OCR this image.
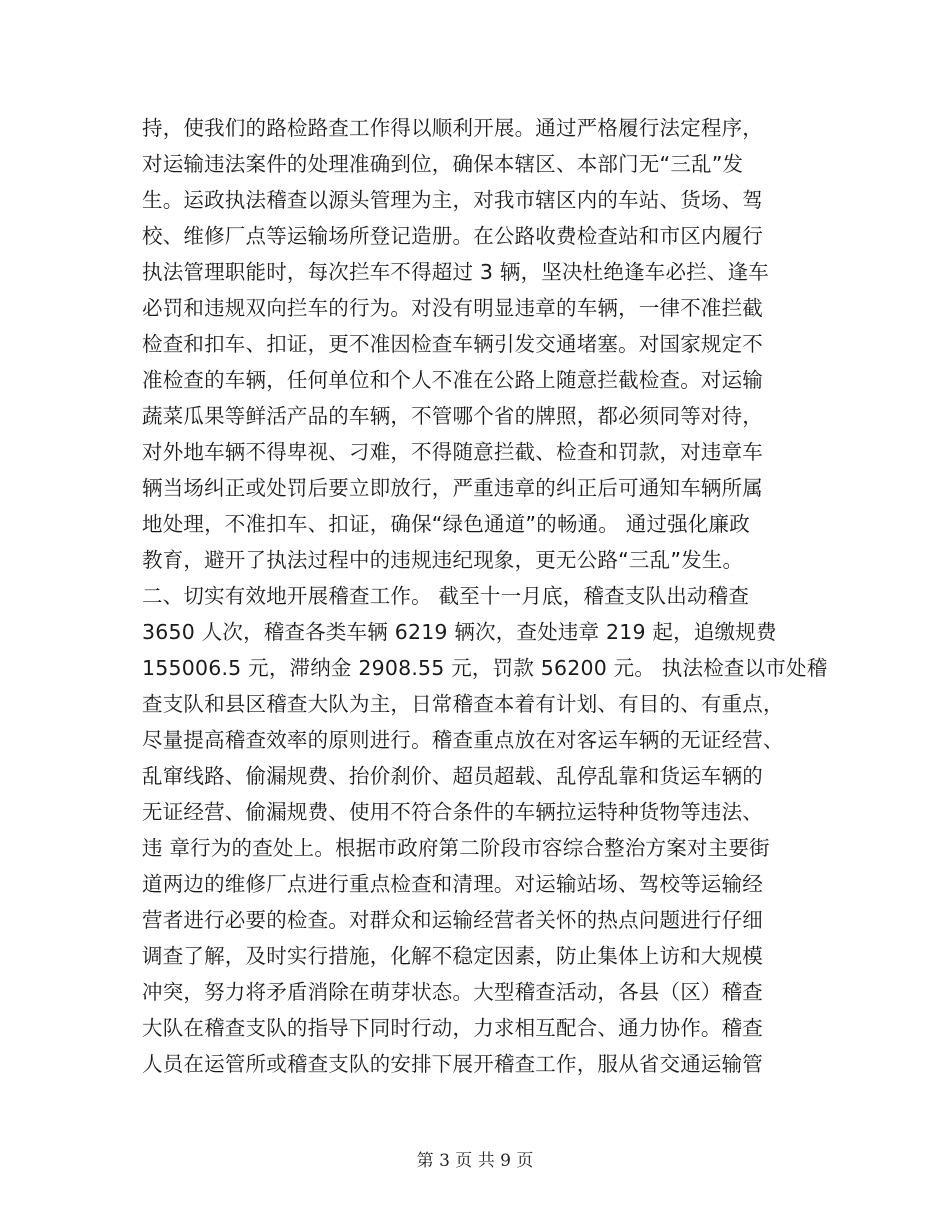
持，使我们的路检路查工作得以顺利开展。通过严格履行法定程序，
对运输违法案件的处理准确到位，确保本辖区、本部门无“三乱”发
生。运政执法稽查以源头管理为主，对我市辖区内的车站、货场、驾
校、维修厂点等运输场所登记造册。在公路收费检查站和市区内履行
执法管理职能时，每次拦车不得超过 3 辆，坚决杜绝逢车必拦、逢车
必罚和违规双向拦车的行为。对没有明显违章的车辆，一律不准拦截
检查和扣车、扣证，更不准因检查车辆引发交通堵塞。对国家规定不
准检查的车辆，任何单位和个人不准在公路上随意拦截检查。对运输
蔬菜瓜果等鲜活产品的车辆，不管哪个省的牌照，都必须同等对待，
对外地车辆不得卑视、刁难，不得随意拦截、检查和罚款，对违章车
辆当场纠正或处罚后要立即放行，严重违章的纠正后可通知车辆所属
地处理，不准扣车、扣证，确保“绿色通道”的畅通。 通过强化廉政
教育，避开了执法过程中的违规违纪现象，更无公路“三乱”发生。
二、切实有效地开展稽查工作。 截至十一月底，稽查支队出动稽查
3650 人次，稽查各类车辆 6219 辆次，查处违章 219 起，追缴规费
155006.5 元，滞纳金 2908.55 元，罚款 56200 元。 执法检查以市处稽
查支队和县区稽查大队为主，日常稽查本着有计划、有目的、有重点，
尽量提高稽查效率的原则进行。稽查重点放在对客运车辆的无证经营、
乱窜线路、偷漏规费、抬价刹价、超员超载、乱停乱靠和货运车辆的
无证经营、偷漏规费、使用不符合条件的车辆拉运特种货物等违法、
违 章行为的查处上。根据市政府第二阶段市容综合整治方案对主要街
道两边的维修厂点进行重点检查和清理。对运输站场、驾校等运输经
营者进行必要的检查。对群众和运输经营者关怀的热点问题进行仔细
调查了解，及时实行措施，化解不稳定因素，防止集体上访和大规模
冲突，努力将矛盾消除在萌芽状态。大型稽查活动，各县（区）稽查
大队在稽查支队的指导下同时行动，力求相互配合、通力协作。稽查
人员在运管所或稽查支队的安排下展开稽查工作，服从省交通运输管
第 3 页 共 9 页
